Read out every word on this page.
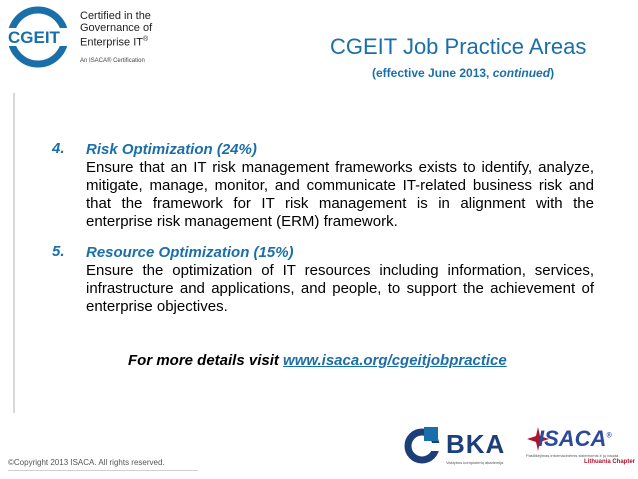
CGEIT
Certified in the
Governance of
Enterprise IT®
An ISACA® Certification
CGEIT Job Practice Areas
(effective June 2013, continued)
4. Risk Optimization (24%)
Ensure that an IT risk management frameworks exists to identify, analyze, mitigate, manage, monitor, and communicate IT-related business risk and that the framework for IT risk management is in alignment with the enterprise risk management (ERM) framework.
5. Resource Optimization (15%)
Ensure the optimization of IT resources including information, services, infrastructure and applications, and people, to support the achievement of enterprise objectives.
For more details visit www.isaca.org/cgeitjobpractice
©Copyright 2013 ISACA. All rights reserved.
BKA
Valdybos kompiuterių akademija
ISACA®
Pasitikėjimas informacinėmis sistemomis ir jų nauda
Lithuania Chapter
